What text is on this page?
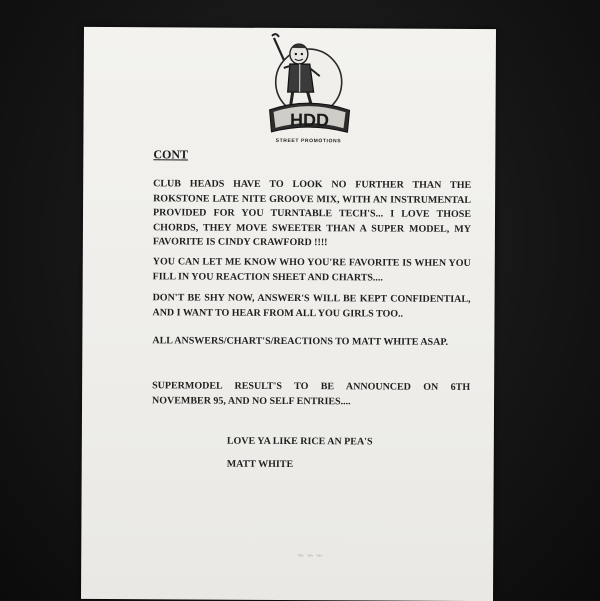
HDD
STREET PROMOTIONS
CONT
CLUB HEADS HAVE TO LOOK NO FURTHER THAN THE ROKSTONE LATE NITE GROOVE MIX, WITH AN INSTRUMENTAL PROVIDED FOR YOU TURNTABLE TECH'S... I LOVE THOSE CHORDS, THEY MOVE SWEETER THAN A SUPER MODEL, MY FAVORITE IS CINDY CRAWFORD !!!!
YOU CAN LET ME KNOW WHO YOU'RE FAVORITE IS WHEN YOU FILL IN YOU REACTION SHEET AND CHARTS....
DON'T BE SHY NOW, ANSWER'S WILL BE KEPT CONFIDENTIAL, AND I WANT TO HEAR FROM ALL YOU GIRLS TOO..
ALL ANSWERS/CHART'S/REACTIONS TO MATT WHITE ASAP.
SUPERMODEL RESULT'S TO BE ANNOUNCED ON 6TH NOVEMBER 95, AND NO SELF ENTRIES....
LOVE YA LIKE RICE AN PEA'S
MATT WHITE
⌁⌁⌁
